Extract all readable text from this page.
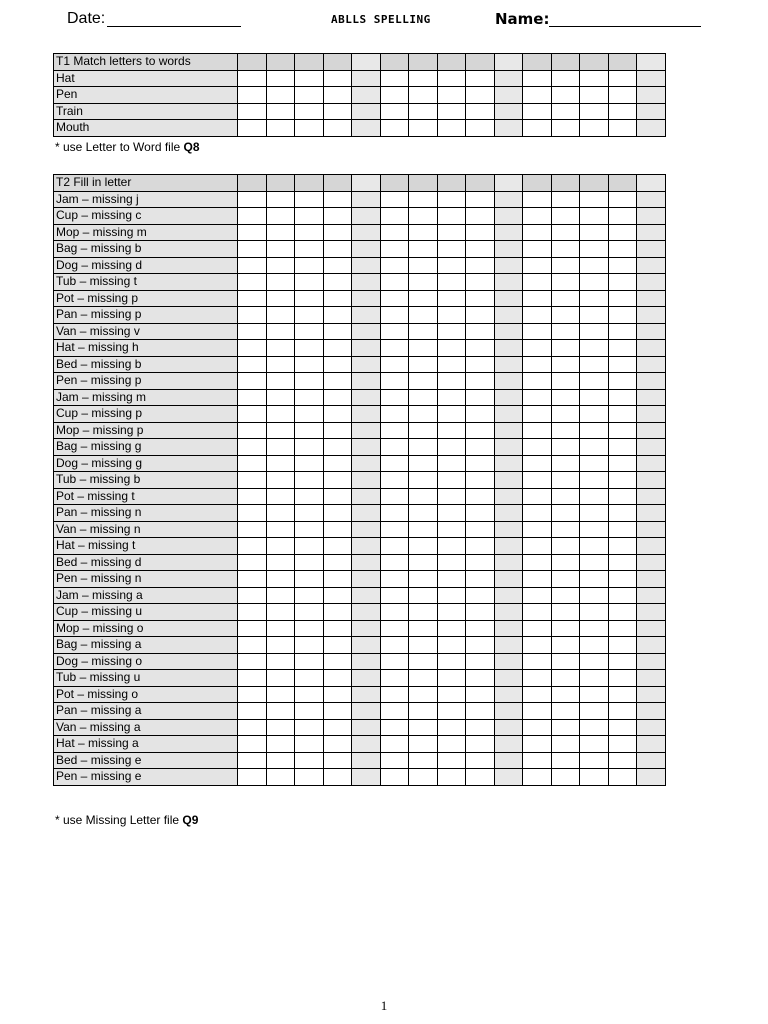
Date:	ABLLS SPELLING	Name:
T1 Match letters to words															
Hat															
Pen															
Train															
Mouth															
* use Letter to Word file Q8
T2 Fill in letter															
Jam – missing j															
Cup – missing c															
Mop – missing m															
Bag – missing b															
Dog – missing d															
Tub – missing t															
Pot – missing p															
Pan – missing p															
Van – missing v															
Hat – missing h															
Bed – missing b															
Pen – missing p															
Jam – missing m															
Cup – missing p															
Mop – missing p															
Bag – missing g															
Dog – missing g															
Tub – missing b															
Pot – missing t															
Pan – missing n															
Van – missing n															
Hat – missing t															
Bed – missing d															
Pen – missing n															
Jam – missing a															
Cup – missing u															
Mop – missing o															
Bag – missing a															
Dog – missing o															
Tub – missing u															
Pot – missing o															
Pan – missing a															
Van – missing a															
Hat – missing a															
Bed – missing e															
Pen – missing e															
* use Missing Letter file Q9
1
